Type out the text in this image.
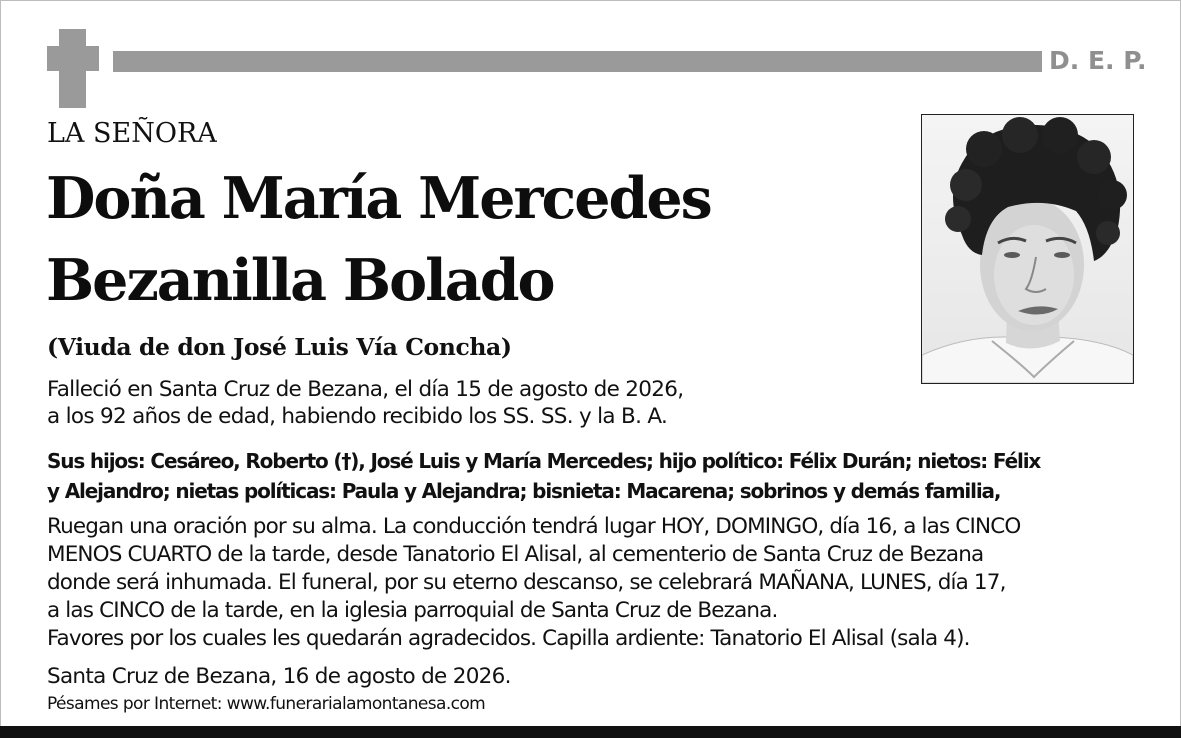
D. E. P.
LA SEÑORA
Doña María Mercedes
Bezanilla Bolado
(Viuda de don José Luis Vía Concha)
Falleció en Santa Cruz de Bezana, el día 15 de agosto de 2026,
a los 92 años de edad, habiendo recibido los SS. SS. y la B. A.
Sus hijos: Cesáreo, Roberto (†), José Luis y María Mercedes; hijo político: Félix Durán; nietos: Félix
y Alejandro; nietas políticas: Paula y Alejandra; bisnieta: Macarena; sobrinos y demás familia,
Ruegan una oración por su alma. La conducción tendrá lugar HOY, DOMINGO, día 16, a las CINCO
MENOS CUARTO de la tarde, desde Tanatorio El Alisal, al cementerio de Santa Cruz de Bezana
donde será inhumada. El funeral, por su eterno descanso, se celebrará MAÑANA, LUNES, día 17,
a las CINCO de la tarde, en la iglesia parroquial de Santa Cruz de Bezana.
Favores por los cuales les quedarán agradecidos. Capilla ardiente: Tanatorio El Alisal (sala 4).
Santa Cruz de Bezana, 16 de agosto de 2026.
Pésames por Internet: www.funerarialamontanesa.com
